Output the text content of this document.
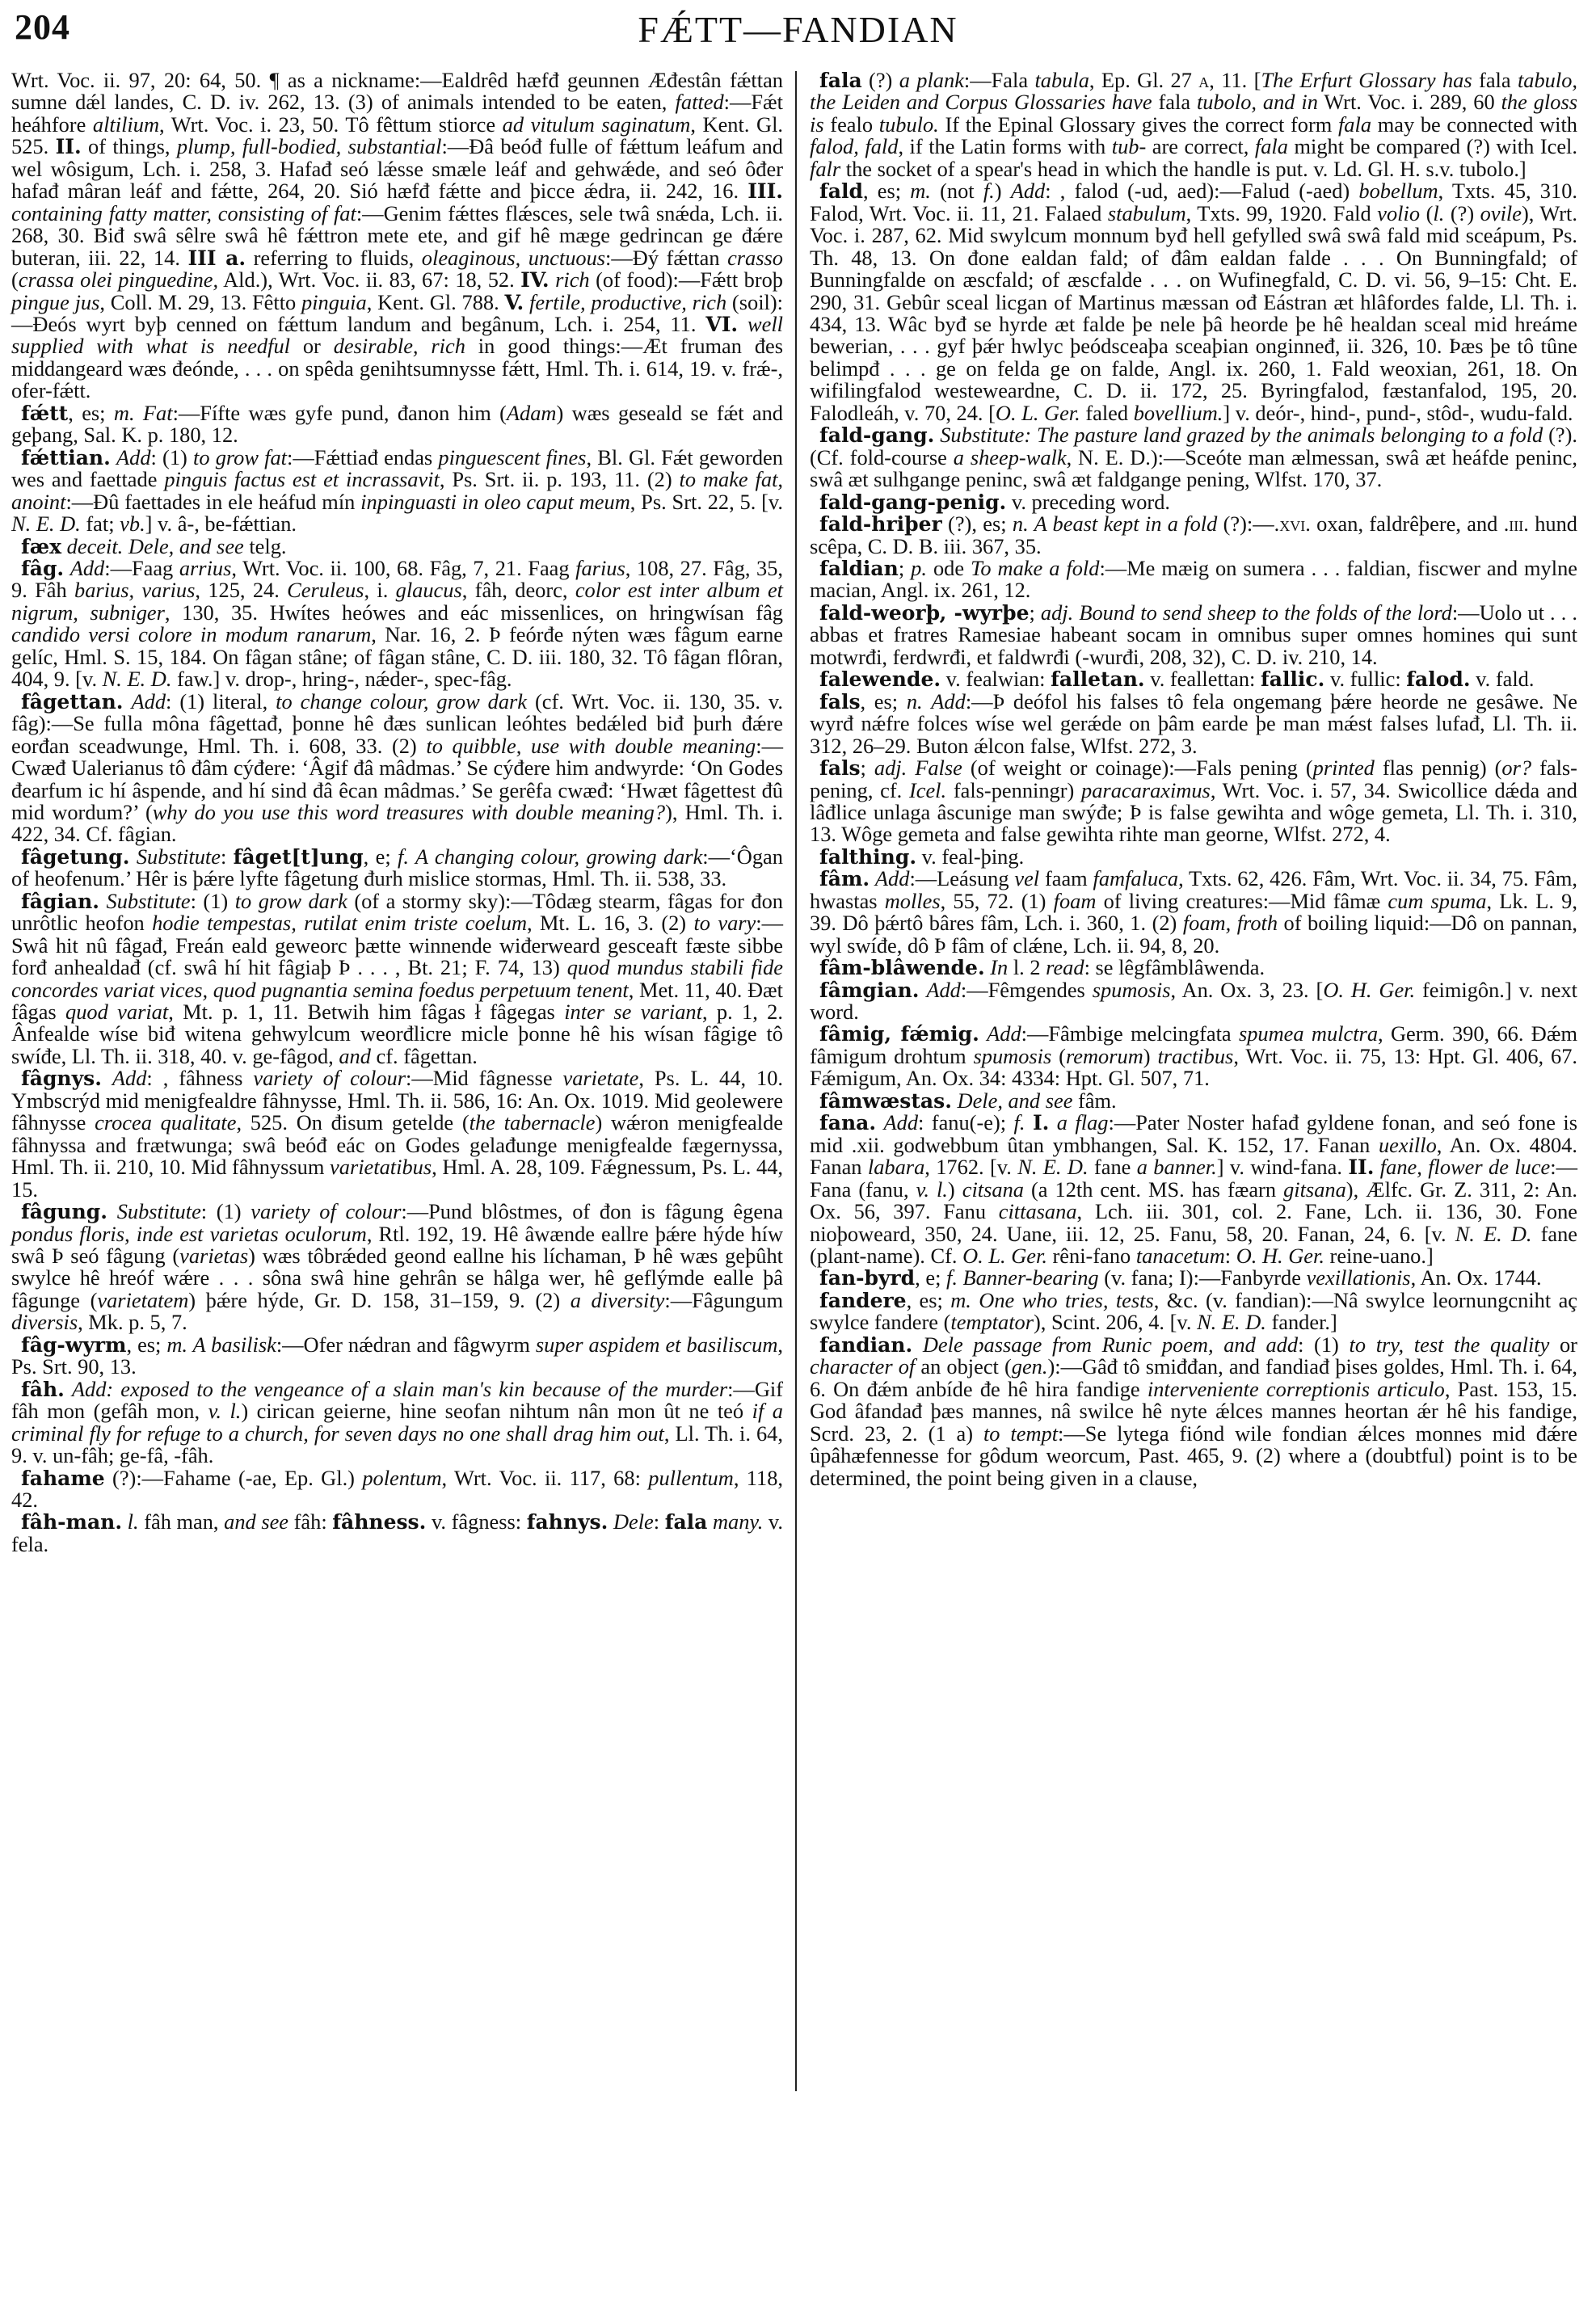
204	FǼTT—FANDIAN

Wrt. Voc. ii. 97, 20: 64, 50. ¶ as a nickname:—Ealdrêd hæfđ geunnen Æđestân fǽttan sumne dǽl landes, C. D. iv. 262, 13. (3) of animals intended to be eaten, fatted:—Fǽt heáhfore altilium, Wrt. Voc. i. 23, 50. Tô fêttum stiorce ad vitulum saginatum, Kent. Gl. 525. II. of things, plump, full-bodied, substantial:—Đâ beóđ fulle of fǽttum leáfum and wel wôsigum, Lch. i. 258, 3. Hafađ seó lǽsse smæle leáf and gehwǽde, and seó ôđer hafađ mâran leáf and fǽtte, 264, 20. Sió hæfđ fǽtte and þicce ǽdra, ii. 242, 16. III. containing fatty matter, consisting of fat:—Genim fǽttes flǽsces, sele twâ snǽda, Lch. ii. 268, 30. Biđ swâ sêlre swâ hê fǽttron mete ete, and gif hê mæge gedrincan ge đǽre buteran, iii. 22, 14. III a. referring to fluids, oleaginous, unctuous:—Đý fǽttan crasso (crassa olei pinguedine, Ald.), Wrt. Voc. ii. 83, 67: 18, 52. IV. rich (of food):—Fǽtt broþ pingue jus, Coll. M. 29, 13. Fêtto pinguia, Kent. Gl. 788. V. fertile, productive, rich (soil):—Đeós wyrt byþ cenned on fǽttum landum and begânum, Lch. i. 254, 11. VI. well supplied with what is needful or desirable, rich in good things:—Æt fruman đes middangeard wæs đeónde, . . . on spêda genihtsumnysse fǽtt, Hml. Th. i. 614, 19. v. frǽ-, ofer-fǽtt.

fǽtt, es; m. Fat:—Fífte wæs gyfe pund, đanon him (Adam) wæs geseald se fǽt and geþang, Sal. K. p. 180, 12.

fǽttian. Add: (1) to grow fat:—Fǽttiađ endas pinguescent fines, Bl. Gl. Fǽt geworden wes and faettade pinguis factus est et incrassavit, Ps. Srt. ii. p. 193, 11. (2) to make fat, anoint:—Đû faettades in ele heáfud mín inpinguasti in oleo caput meum, Ps. Srt. 22, 5. [v. N. E. D. fat; vb.] v. â-, be-fǽttian.

fæx deceit. Dele, and see telg.

fâg. Add:—Faag arrius, Wrt. Voc. ii. 100, 68. Fâg, 7, 21. Faag farius, 108, 27. Fâg, 35, 9. Fâh barius, varius, 125, 24. Ceruleus, i. glaucus, fâh, deorc, color est inter album et nigrum, subniger, 130, 35. Hwítes heówes and eác missenlices, on hringwísan fâg candido versi colore in modum ranarum, Nar. 16, 2. Þ feórđe nýten wæs fâgum earne gelíc, Hml. S. 15, 184. On fâgan stâne; of fâgan stâne, C. D. iii. 180, 32. Tô fâgan flôran, 404, 9. [v. N. E. D. faw.] v. drop-, hring-, nǽder-, spec-fâg.

fâgettan. Add: (1) literal, to change colour, grow dark (cf. Wrt. Voc. ii. 130, 35. v. fâg):—Se fulla môna fâgettađ, þonne hê đæs sunlican leóhtes bedǽled biđ þurh đǽre eorđan sceadwunge, Hml. Th. i. 608, 33. (2) to quibble, use with double meaning:—Cwæđ Ualerianus tô đâm cýđere: ‘Âgif đâ mâdmas.’ Se cýđere him andwyrde: ‘On Godes đearfum ic hí âspende, and hí sind đâ êcan mâdmas.’ Se gerêfa cwæđ: ‘Hwæt fâgettest đû mid wordum?’ (why do you use this word treasures with double meaning?), Hml. Th. i. 422, 34. Cf. fâgian.

fâgetung. Substitute: fâget[t]ung, e; f. A changing colour, growing dark:—‘Ôgan of heofenum.’ Hêr is þǽre lyfte fâgetung đurh mislice stormas, Hml. Th. ii. 538, 33.

fâgian. Substitute: (1) to grow dark (of a stormy sky):—Tôdæg stearm, fâgas for đon unrôtlic heofon hodie tempestas, rutilat enim triste coelum, Mt. L. 16, 3. (2) to vary:—Swâ hit nû fâgađ, Freán eald geweorc þætte winnende wiđerweard gesceaft fæste sibbe forđ anhealdađ (cf. swâ hí hit fâgiaþ Þ . . . , Bt. 21; F. 74, 13) quod mundus stabili fide concordes variat vices, quod pugnantia semina foedus perpetuum tenent, Met. 11, 40. Đæt fâgas quod variat, Mt. p. 1, 11. Betwih him fâgas ł fâgegas inter se variant, p. 1, 2. Ânfealde wíse biđ witena gehwylcum weorđlicre micle þonne hê his wísan fâgige tô swíđe, Ll. Th. ii. 318, 40. v. ge-fâgod, and cf. fâgettan.

fâgnys. Add: , fâhness variety of colour:—Mid fâgnesse varietate, Ps. L. 44, 10. Ymbscrýd mid menigfealdre fâhnysse, Hml. Th. ii. 586, 16: An. Ox. 1019. Mid geolewere fâhnysse crocea qualitate, 525. On đisum getelde (the tabernacle) wǽron menigfealde fâhnyssa and frætwunga; swâ beóđ eác on Godes gelađunge menigfealde fægernyssa, Hml. Th. ii. 210, 10. Mid fâhnyssum varietatibus, Hml. A. 28, 109. Fǽgnessum, Ps. L. 44, 15.

fâgung. Substitute: (1) variety of colour:—Pund blôstmes, of đon is fâgung êgena pondus floris, inde est varietas oculorum, Rtl. 192, 19. Hê âwænde eallre þǽre hýde híw swâ Þ seó fâgung (varietas) wæs tôbrǽded geond eallne his líchaman, Þ hê wæs geþûht swylce hê hreóf wǽre . . . sôna swâ hine gehrân se hâlga wer, hê geflýmde ealle þâ fâgunge (varietatem) þǽre hýde, Gr. D. 158, 31–159, 9. (2) a diversity:—Fâgungum diversis, Mk. p. 5, 7.

fâg-wyrm, es; m. A basilisk:—Ofer nǽdran and fâgwyrm super aspidem et basiliscum, Ps. Srt. 90, 13.

fâh. Add: exposed to the vengeance of a slain man's kin because of the murder:—Gif fâh mon (gefâh mon, v. l.) cirican geierne, hine seofan nihtum nân mon ût ne teó if a criminal fly for refuge to a church, for seven days no one shall drag him out, Ll. Th. i. 64, 9. v. un-fâh; ge-fâ, -fâh.

fahame (?):—Fahame (-ae, Ep. Gl.) polentum, Wrt. Voc. ii. 117, 68: pullentum, 118, 42.

fâh-man. l. fâh man, and see fâh: fâhness. v. fâgness: fahnys. Dele: fala many. v. fela.

fala (?) a plank:—Fala tabula, Ep. Gl. 27 a, 11. [The Erfurt Glossary has fala tabulo, the Leiden and Corpus Glossaries have fala tubolo, and in Wrt. Voc. i. 289, 60 the gloss is fealo tubulo. If the Epinal Glossary gives the correct form fala may be connected with falod, fald, if the Latin forms with tub- are correct, fala might be compared (?) with Icel. falr the socket of a spear's head in which the handle is put. v. Ld. Gl. H. s.v. tubolo.]

fald, es; m. (not f.) Add: , falod (-ud, aed):—Falud (-aed) bobellum, Txts. 45, 310. Falod, Wrt. Voc. ii. 11, 21. Falaed stabulum, Txts. 99, 1920. Fald volio (l. (?) ovile), Wrt. Voc. i. 287, 62. Mid swylcum monnum byđ hell gefylled swâ swâ fald mid sceápum, Ps. Th. 48, 13. On đone ealdan fald; of đâm ealdan falde . . . On Bunningfald; of Bunningfalde on æscfald; of æscfalde . . . on Wufinegfald, C. D. vi. 56, 9–15: Cht. E. 290, 31. Gebûr sceal licgan of Martinus mæssan ođ Eástran æt hlâfordes falde, Ll. Th. i. 434, 13. Wâc byđ se hyrde æt falde þe nele þâ heorde þe hê healdan sceal mid hreáme bewerian, . . . gyf þǽr hwlyc þeódsceaþa sceaþian onginneđ, ii. 326, 10. Þæs þe tô tûne belimpđ . . . ge on felda ge on falde, Angl. ix. 260, 1. Fald weoxian, 261, 18. On wifilingfalod westeweardne, C. D. ii. 172, 25. Byringfalod, fæstanfalod, 195, 20. Falodleáh, v. 70, 24. [O. L. Ger. faled bovellium.] v. deór-, hind-, pund-, stôd-, wudu-fald.

fald-gang. Substitute: The pasture land grazed by the animals belonging to a fold (?). (Cf. fold-course a sheep-walk, N. E. D.):—Sceóte man ælmessan, swâ æt heáfde peninc, swâ æt sulhgange peninc, swâ æt faldgange pening, Wlfst. 170, 37.

fald-gang-penig. v. preceding word.

fald-hriþer (?), es; n. A beast kept in a fold (?):—.xvi. oxan, faldrêþere, and .iii. hund scêpa, C. D. B. iii. 367, 35.

faldian; p. ode To make a fold:—Me mæig on sumera . . . faldian, fiscwer and mylne macian, Angl. ix. 261, 12.

fald-weorþ, -wyrþe; adj. Bound to send sheep to the folds of the lord:—Uolo ut . . . abbas et fratres Ramesiae habeant socam in omnibus super omnes homines qui sunt motwrđi, ferdwrđi, et faldwrđi (-wurđi, 208, 32), C. D. iv. 210, 14.

falewende. v. fealwian: falletan. v. feallettan: fallic. v. fullic: falod. v. fald.

fals, es; n. Add:—Þ deófol his falses tô fela ongemang þǽre heorde ne gesâwe. Ne wyrđ nǽfre folces wíse wel gerǽde on þâm earde þe man mǽst falses lufađ, Ll. Th. ii. 312, 26–29. Buton ǽlcon false, Wlfst. 272, 3.

fals; adj. False (of weight or coinage):—Fals pening (printed flas pennig) (or? fals-pening, cf. Icel. fals-penningr) paracaraximus, Wrt. Voc. i. 57, 34. Swicollice dǽda and lâđlice unlaga âscunige man swýđe; Þ is false gewihta and wôge gemeta, Ll. Th. i. 310, 13. Wôge gemeta and false gewihta rihte man georne, Wlfst. 272, 4.

falthing. v. feal-þing.

fâm. Add:—Leásung vel faam famfaluca, Txts. 62, 426. Fâm, Wrt. Voc. ii. 34, 75. Fâm, hwastas molles, 55, 72. (1) foam of living creatures:—Mid fâmæ cum spuma, Lk. L. 9, 39. Dô þǽrtô bâres fâm, Lch. i. 360, 1. (2) foam, froth of boiling liquid:—Dô on pannan, wyl swíđe, dô Þ fâm of clǽne, Lch. ii. 94, 8, 20.

fâm-blâwende. In l. 2 read: se lêgfâmblâwenda.

fâmgian. Add:—Fêmgendes spumosis, An. Ox. 3, 23. [O. H. Ger. feimigôn.] v. next word.

fâmig, fǽmig. Add:—Fâmbige melcingfata spumea mulctra, Germ. 390, 66. Đǽm fâmigum drohtum spumosis (remorum) tractibus, Wrt. Voc. ii. 75, 13: Hpt. Gl. 406, 67. Fǽmigum, An. Ox. 34: 4334: Hpt. Gl. 507, 71.

fâmwæstas. Dele, and see fâm.

fana. Add: fanu(-e); f. I. a flag:—Pater Noster hafađ gyldene fonan, and seó fone is mid .xii. godwebbum ûtan ymbhangen, Sal. K. 152, 17. Fanan uexillo, An. Ox. 4804. Fanan labara, 1762. [v. N. E. D. fane a banner.] v. wind-fana. II. fane, flower de luce:—Fana (fanu, v. l.) citsana (a 12th cent. MS. has fæarn gitsana), Ælfc. Gr. Z. 311, 2: An. Ox. 56, 397. Fanu cittasana, Lch. iii. 301, col. 2. Fane, Lch. ii. 136, 30. Fone nioþoweard, 350, 24. Uane, iii. 12, 25. Fanu, 58, 20. Fanan, 24, 6. [v. N. E. D. fane (plant-name). Cf. O. L. Ger. rêni-fano tanacetum: O. H. Ger. reine-uano.]

fan-byrd, e; f. Banner-bearing (v. fana; I):—Fanbyrde vexillationis, An. Ox. 1744.

fandere, es; m. One who tries, tests, &c. (v. fandian):—Nâ swylce leornungcniht aç swylce fandere (temptator), Scint. 206, 4. [v. N. E. D. fander.]

fandian. Dele passage from Runic poem, and add: (1) to try, test the quality or character of an object (gen.):—Gâđ tô smiđđan, and fandiađ þises goldes, Hml. Th. i. 64, 6. On đǽm anbíde đe hê hira fandige interveniente correptionis articulo, Past. 153, 15. God âfandađ þæs mannes, nâ swilce hê nyte ǽlces mannes heortan ǽr hê his fandige, Scrd. 23, 2. (1 a) to tempt:—Se lytega fiónd wile fondian ǽlces monnes mid đǽre ûpâhæfennesse for gôdum weorcum, Past. 465, 9. (2) where a (doubtful) point is to be determined, the point being given in a clause,
